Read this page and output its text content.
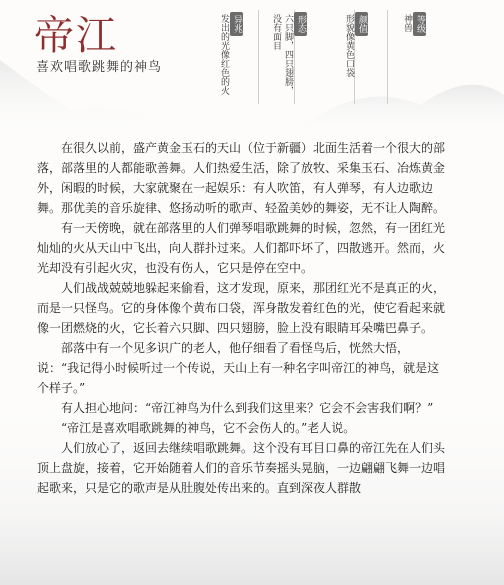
帝江
喜欢唱歌跳舞的神鸟
等级
神兽
颜值
形貌像黄色口袋
形态
六只脚，四只翅膀，
没有面目
异兆
发出的光像红色的火

在很久以前，盛产黄金玉石的天山（位于新疆）北面生活着一个很大的部落，部落里的人都能歌善舞。人们热爱生活，除了放牧、采集玉石、冶炼黄金外，闲暇的时候，大家就聚在一起娱乐：有人吹笛，有人弹琴，有人边歌边舞。那优美的音乐旋律、悠扬动听的歌声、轻盈美妙的舞姿，无不让人陶醉。

有一天傍晚，就在部落里的人们弹琴唱歌跳舞的时候，忽然，有一团红光灿灿的火从天山中飞出，向人群扑过来。人们都吓坏了，四散逃开。然而，火光却没有引起火灾，也没有伤人，它只是停在空中。

人们战战兢兢地躲起来偷看，这才发现，原来，那团红光不是真正的火，而是一只怪鸟。它的身体像个黄布口袋，浑身散发着红色的光，使它看起来就像一团燃烧的火，它长着六只脚、四只翅膀，脸上没有眼睛耳朵嘴巴鼻子。

部落中有一个见多识广的老人，他仔细看了看怪鸟后，恍然大悟，说：“我记得小时候听过一个传说，天山上有一种名字叫帝江的神鸟，就是这个样子。”

有人担心地问：“帝江神鸟为什么到我们这里来？它会不会害我们啊？”

“帝江是喜欢唱歌跳舞的神鸟，它不会伤人的。”老人说。

人们放心了，返回去继续唱歌跳舞。这个没有耳目口鼻的帝江先在人们头顶上盘旋，接着，它开始随着人们的音乐节奏摇头晃脑，一边翩翩飞舞一边唱起歌来，只是它的歌声是从肚腹处传出来的。直到深夜人群散
